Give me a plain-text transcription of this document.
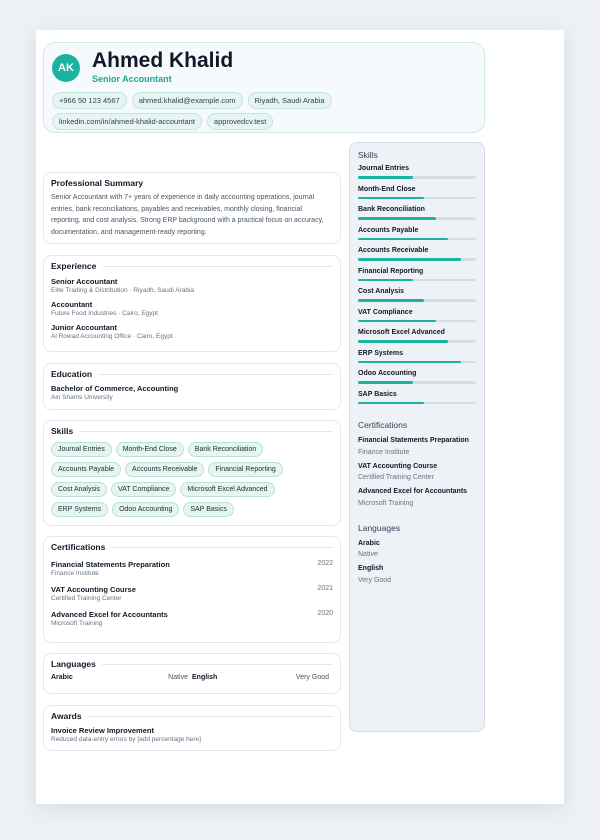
AK Ahmed Khalid
Senior Accountant
+966 50 123 4567	ahmed.khalid@example.com	Riyadh, Saudi Arabia
linkedin.com/in/ahmed-khalid-accountant	approvedcv.test
Professional Summary
Senior Accountant with 7+ years of experience in daily accounting operations, journal entries, bank reconciliations, payables and receivables, monthly closing, financial reporting, and cost analysis. Strong ERP background with a practical focus on accuracy, documentation, and management-ready reporting.
Experience
Senior Accountant
Elite Trading & Distribution · Riyadh, Saudi Arabia
Accountant
Future Food Industries · Cairo, Egypt
Junior Accountant
Al Rowad Accounting Office · Cairo, Egypt
Education
Bachelor of Commerce, Accounting
Ain Shams University
Skills
Journal Entries	Month-End Close	Bank Reconciliation
Accounts Payable	Accounts Receivable	Financial Reporting
Cost Analysis	VAT Compliance	Microsoft Excel Advanced
ERP Systems	Odoo Accounting	SAP Basics
Certifications
Financial Statements Preparation
Finance Institute
2022
VAT Accounting Course
Certified Training Center
2021
Advanced Excel for Accountants
Microsoft Training
2020
Languages
Arabic	Native English	Very Good
Awards
Invoice Review Improvement
Reduced data-entry errors by [add percentage here]
Skills
Journal Entries
Month-End Close
Bank Reconciliation
Accounts Payable
Accounts Receivable
Financial Reporting
Cost Analysis
VAT Compliance
Microsoft Excel Advanced
ERP Systems
Odoo Accounting
SAP Basics
Certifications
Financial Statements Preparation
Finance Institute
VAT Accounting Course
Certified Training Center
Advanced Excel for Accountants
Microsoft Training
Languages
Arabic
Native
English
Very Good
